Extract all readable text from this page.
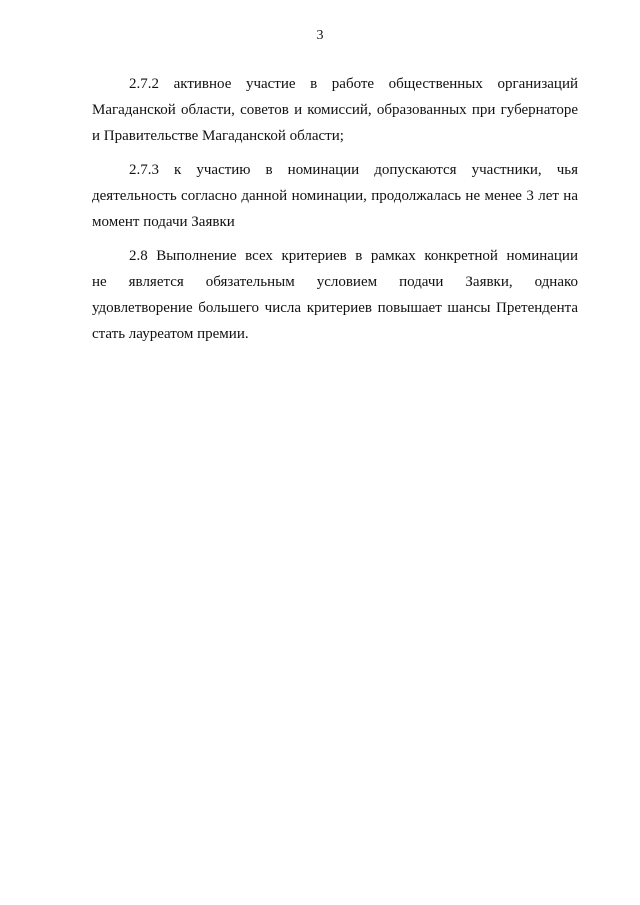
3
2.7.2 активное участие в работе общественных организаций
Магаданской области, советов и комиссий, образованных при губернаторе
и Правительстве Магаданской области;
2.7.3 к участию в номинации допускаются участники, чья
деятельность согласно данной номинации, продолжалась не менее 3 лет на
момент подачи Заявки
2.8 Выполнение всех критериев в рамках конкретной номинации
не является обязательным условием подачи Заявки, однако
удовлетворение большего числа критериев повышает шансы Претендента
стать лауреатом премии.
